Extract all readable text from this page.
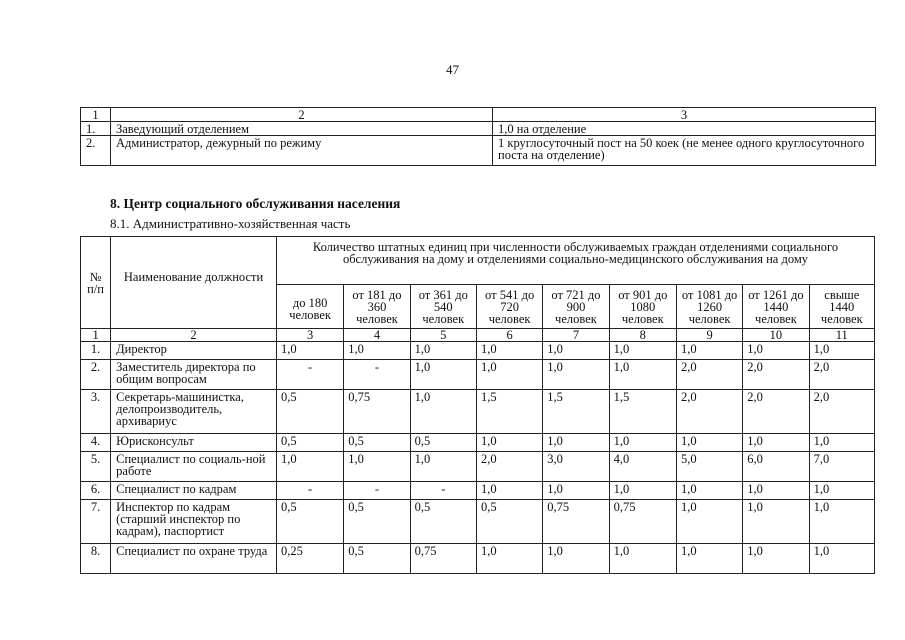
47
1	2	3
1.	Заведующий отделением	1,0 на отделение
2.	Администратор, дежурный по режиму	1 круглосуточный пост на 50 коек (не менее одного круглосуточного поста на отделение)
8. Центр социального обслуживания населения
8.1. Административно-хозяйственная часть
№ п/п	Наименование должности	Количество штатных единиц при численности обслуживаемых граждан отделениями социального обслуживания на дому и отделениями социально-медицинского обслуживания на дому								
		до 180 человек	от 181 до 360 человек	от 361 до 540 человек	от 541 до 720 человек	от 721 до 900 человек	от 901 до 1080 человек	от 1081 до 1260 человек	от 1261 до 1440 человек	свыше 1440 человек
1	2	3	4	5	6	7	8	9	10	11
1.	Директор	1,0	1,0	1,0	1,0	1,0	1,0	1,0	1,0	1,0
2.	Заместитель директора по общим вопросам	-	-	1,0	1,0	1,0	1,0	2,0	2,0	2,0
3.	Секретарь-машинистка, делопроизводитель, архивариус	0,5	0,75	1,0	1,5	1,5	1,5	2,0	2,0	2,0
4.	Юрисконсульт	0,5	0,5	0,5	1,0	1,0	1,0	1,0	1,0	1,0
5.	Специалист по социаль-ной работе	1,0	1,0	1,0	2,0	3,0	4,0	5,0	6,0	7,0
6.	Специалист по кадрам	-	-	-	1,0	1,0	1,0	1,0	1,0	1,0
7.	Инспектор по кадрам (старший инспектор по кадрам), паспортист	0,5	0,5	0,5	0,5	0,75	0,75	1,0	1,0	1,0
8.	Специалист по охране труда	0,25	0,5	0,75	1,0	1,0	1,0	1,0	1,0	1,0
